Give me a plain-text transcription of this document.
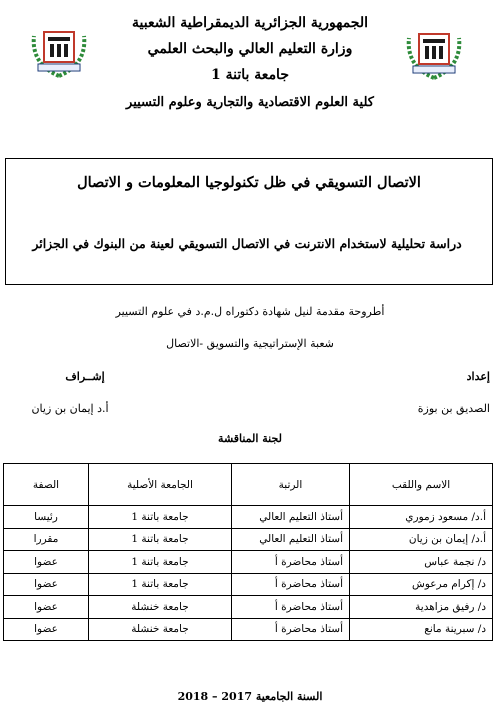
الجمهورية الجزائرية الديمقراطية الشعبية
وزارة التعليم العالي والبحث العلمي
جامعة باتنة 1
كلية العلوم الاقتصادية والتجارية وعلوم التسيير
الاتصال التسويقي في ظل تكنولوجيا المعلومات و الاتصال
دراسة تحليلية لاستخدام الانترنت في الاتصال التسويقي لعينة من البنوك في الجزائر
أطروحة مقدمة لنيل شهادة دكتوراه ل.م.د في علوم التسيير
شعبة الإستراتيجية والتسويق -الاتصال
إعداد
الصديق بن بوزة
إشــراف
أ.د إيمان بن زيان
لجنة المناقشة
الاسم واللقب	الرتبة	الجامعة الأصلية	الصفة
أ.د/ مسعود زموري	أستاذ التعليم العالي	جامعة باتنة 1	رئيسا
أ.د/ إيمان بن زيان	أستاذ التعليم العالي	جامعة باتنة 1	مقررا
د/ نجمة عباس	أستاذ محاضرة أ	جامعة باتنة 1	عضوا
د/ إكرام مرعوش	أستاذ محاضرة أ	جامعة باتنة 1	عضوا
د/ رفيق مزاهدية	أستاذ محاضرة أ	جامعة خنشلة	عضوا
د/ سبرينة مانع	أستاذ محاضرة أ	جامعة خنشلة	عضوا
السنة الجامعية 2017 – 2018
